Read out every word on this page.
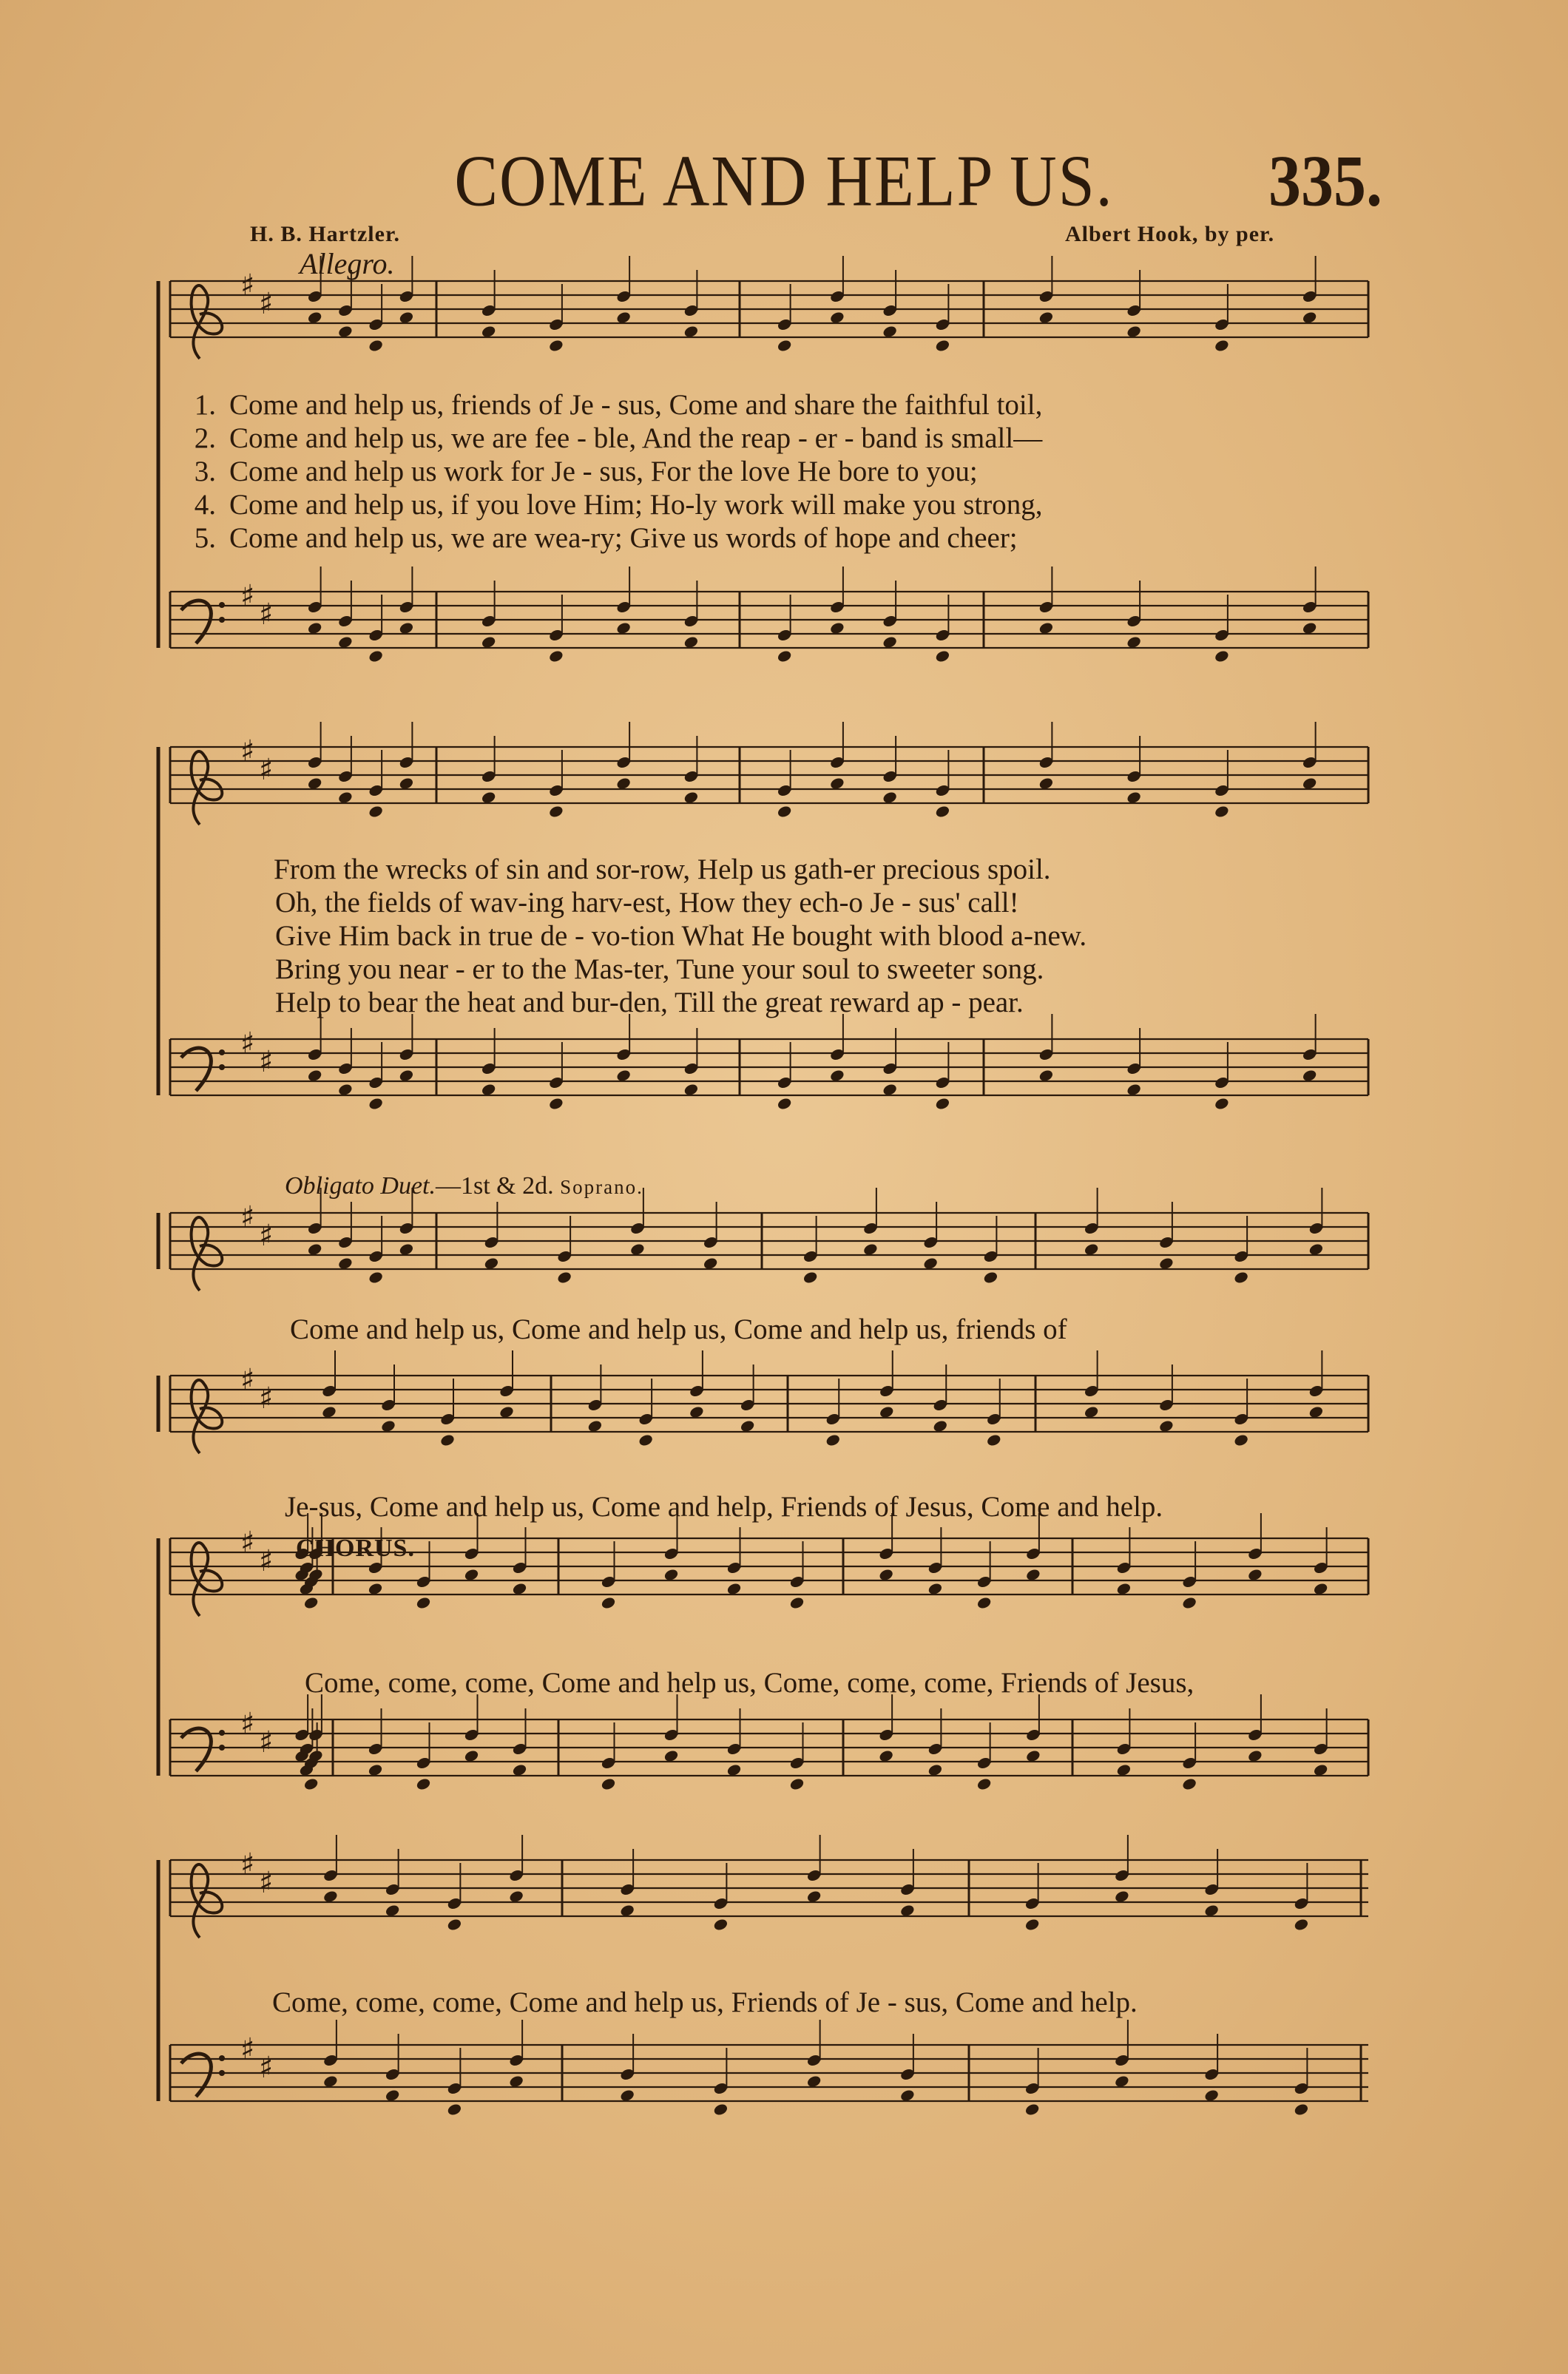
COME AND HELP US.	335.
H. B. Hartzler.	Albert Hook, by per.
Allegro.
♯
♯
♯
♯
♯
♯
♯
♯
♯
♯
♯
♯
♯
♯
♯
♯
♯
♯
♯
♯
1. Come and help us, friends of Je - sus, Come and share the faithful toil,
2. Come and help us, we are fee - ble, And the reap - er - band is small—
3. Come and help us work for Je - sus, For the love He bore to you;
4. Come and help us, if you love Him; Ho-ly work will make you strong,
5. Come and help us, we are wea-ry; Give us words of hope and cheer;
From the wrecks of sin and sor-row, Help us gath-er precious spoil.
Oh, the fields of wav-ing harv-est, How they ech-o Je - sus' call!
Give Him back in true de - vo-tion What He bought with blood a-new.
Bring you near - er to the Mas-ter, Tune your soul to sweeter song.
Help to bear the heat and bur-den, Till the great reward ap - pear.
Obligato Duet.—1st & 2d. Soprano.
Come and help us, Come and help us, Come and help us, friends of
Je-sus, Come and help us, Come and help, Friends of Jesus, Come and help.
CHORUS.
Come, come, come, Come and help us, Come, come, come, Friends of Jesus,
Come, come, come, Come and help us, Friends of Je - sus, Come and help.
